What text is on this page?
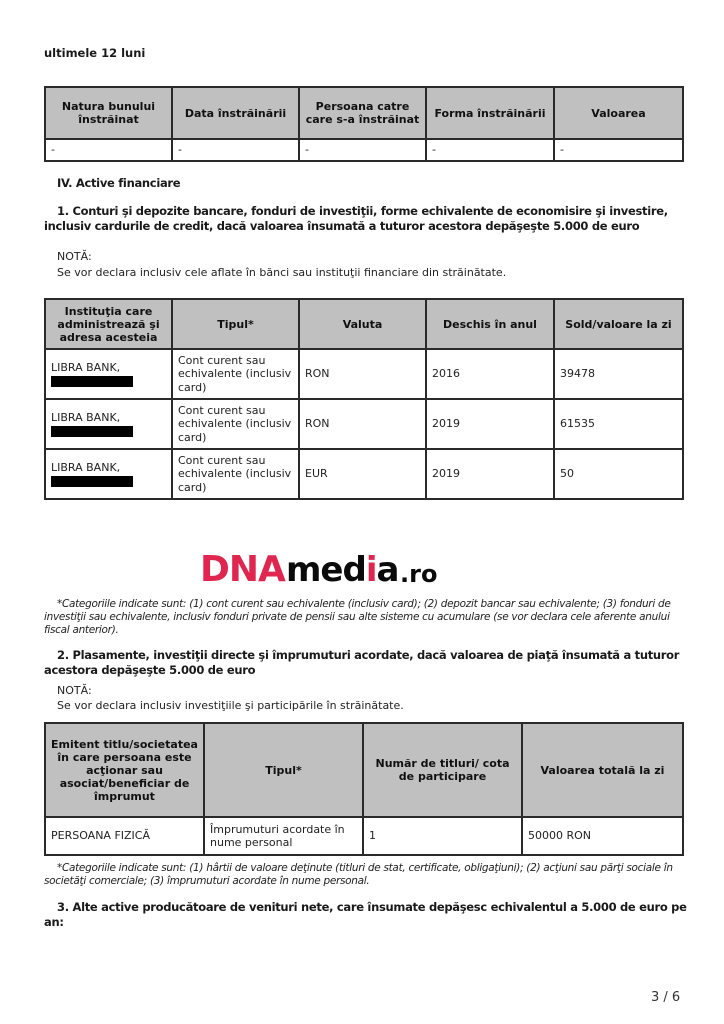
ultimele 12 luni
Natura bunului înstrăinat	Data înstrăinării	Persoana catre care s-a înstrăinat	Forma înstrăinării	Valoarea
-	-	-	-	-
IV. Active financiare
1. Conturi şi depozite bancare, fonduri de investiţii, forme echivalente de economisire şi investire, inclusiv cardurile de credit, dacă valoarea însumată a tuturor acestora depăşeşte 5.000 de euro
NOTĂ:
Se vor declara inclusiv cele aflate în bănci sau instituţii financiare din străinătate.
Instituţia care administrează şi adresa acesteia	Tipul*	Valuta	Deschis în anul	Sold/valoare la zi
LIBRA BANK,	Cont curent sau echivalente (inclusiv card)	RON	2016	39478
LIBRA BANK,	Cont curent sau echivalente (inclusiv card)	RON	2019	61535
LIBRA BANK,	Cont curent sau echivalente (inclusiv card)	EUR	2019	50
DNA media .ro
*Categoriile indicate sunt: (1) cont curent sau echivalente (inclusiv card); (2) depozit bancar sau echivalente; (3) fonduri de investiţii sau echivalente, inclusiv fonduri private de pensii sau alte sisteme cu acumulare (se vor declara cele aferente anului fiscal anterior).
2. Plasamente, investiţii directe şi împrumuturi acordate, dacă valoarea de piaţă însumată a tuturor acestora depăşeşte 5.000 de euro
NOTĂ:
Se vor declara inclusiv investiţiile şi participările în străinătate.
Emitent titlu/societatea în care persoana este acţionar sau asociat/beneficiar de împrumut	Tipul*	Număr de titluri/ cota de participare	Valoarea totală la zi
PERSOANA FIZICĂ	Împrumuturi acordate în nume personal	1	50000 RON
*Categoriile indicate sunt: (1) hârtii de valoare deţinute (titluri de stat, certificate, obligaţiuni); (2) acţiuni sau părţi sociale în societăţi comerciale; (3) împrumuturi acordate în nume personal.
3. Alte active producătoare de venituri nete, care însumate depăşesc echivalentul a 5.000 de euro pe an:
3 / 6
